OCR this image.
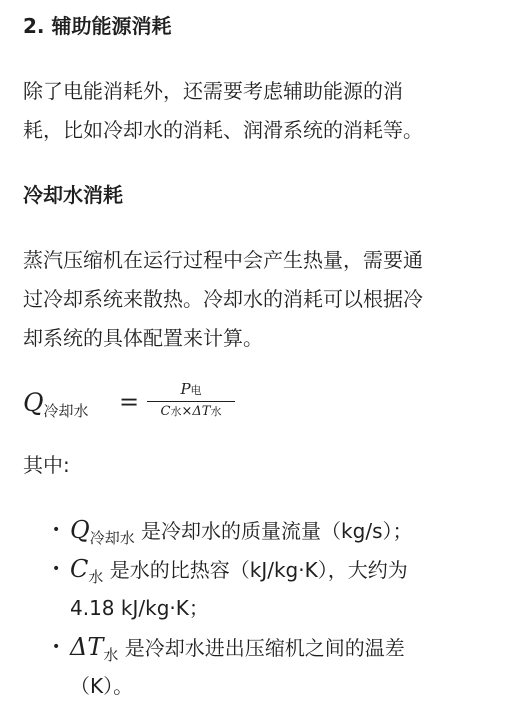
2. 辅助能源消耗
除了电能消耗外，还需要考虑辅助能源的消
耗，比如冷却水的消耗、润滑系统的消耗等。
冷却水消耗
蒸汽压缩机在运行过程中会产生热量，需要通
过冷却系统来散热。冷却水的消耗可以根据冷
却系统的具体配置来计算。
$Q_{冷却水}$ =	P电
C水×ΔT水
其中:
• $Q_{冷却水}$ 是冷却水的质量流量（kg/s）；
• $C_水$ 是水的比热容（kJ/kg·K），大约为
4.18 kJ/kg·K；
• $\Delta T_水$ 是冷却水进出压缩机之间的温差
（K）。
